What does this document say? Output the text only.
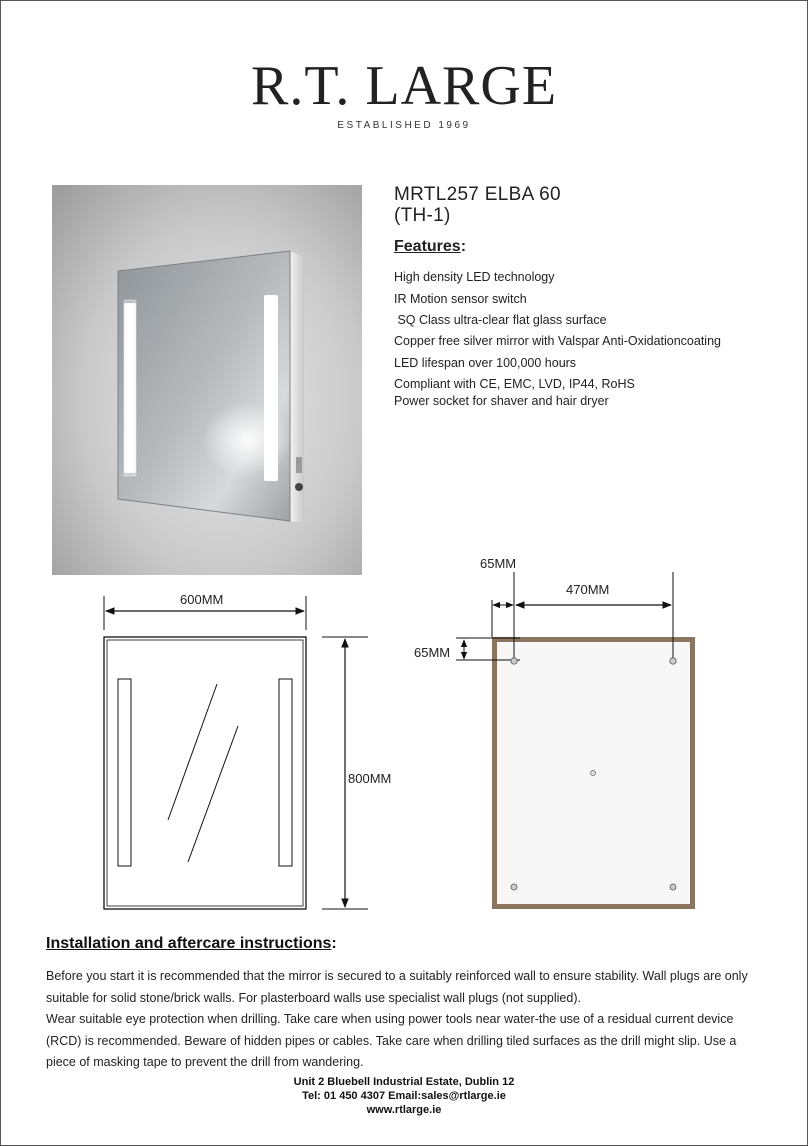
R.T. LARGE
ESTABLISHED 1969
MRTL257 ELBA 60
(TH-1)
Features:
High density LED technology
IR Motion sensor switch
SQ Class ultra-clear flat glass surface
Copper free silver mirror with Valspar Anti-Oxidationcoating
LED lifespan over 100,000 hours
Compliant with CE, EMC, LVD, IP44, RoHS
Power socket for shaver and hair dryer
600MM
800MM
65MM
470MM
65MM
Installation and aftercare instructions:

Before you start it is recommended that the mirror is secured to a suitably reinforced wall to ensure stability. Wall plugs are only suitable for solid stone/brick walls. For plasterboard walls use specialist wall plugs (not supplied).

Wear suitable eye protection when drilling. Take care when using power tools near water-the use of a residual current device (RCD) is recommended. Beware of hidden pipes or cables. Take care when drilling tiled surfaces as the drill might slip. Use a piece of masking tape to prevent the drill from wandering.

Unit 2 Bluebell Industrial Estate, Dublin 12
Tel: 01 450 4307 Email:sales@rtlarge.ie
www.rtlarge.ie
